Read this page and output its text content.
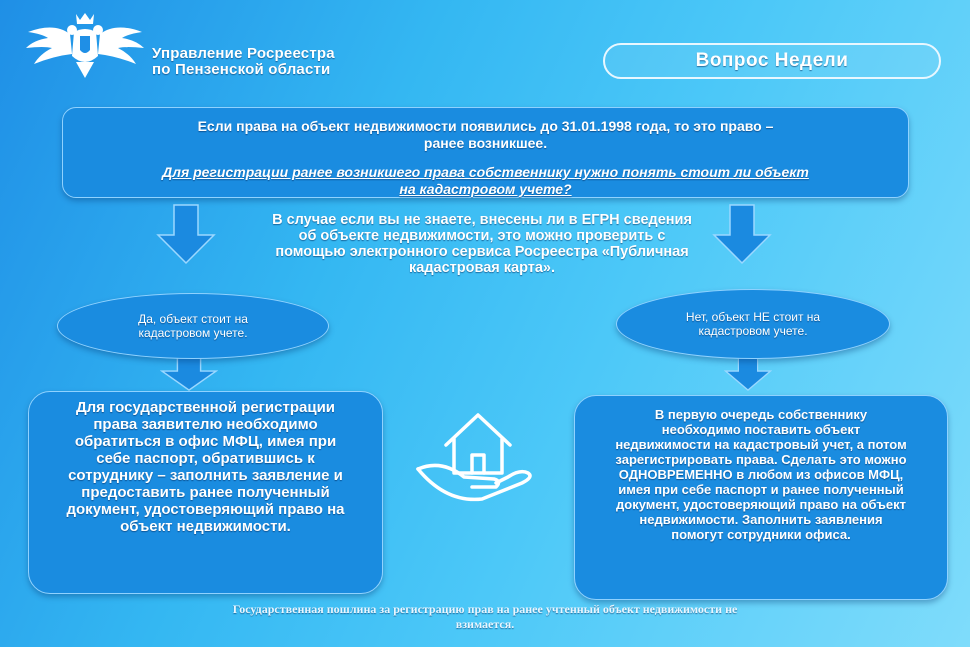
Управление Росреестра
по Пензенской области	Вопрос Недели
Если права на объект недвижимости появились до 31.01.1998 года, то это право – ранее возникшее.
Для регистрации ранее возникшего права собственнику нужно понять стоит ли объект на кадастровом учете?
В случае если вы не знаете, внесены ли в ЕГРН сведения об объекте недвижимости, это можно проверить с помощью электронного сервиса Росреестра «Публичная кадастровая карта».
Да, объект стоит на кадастровом учете.
Нет, объект НЕ стоит на кадастровом учете.
Для государственной регистрации права заявителю необходимо обратиться в офис МФЦ, имея при себе паспорт, обратившись к сотруднику – заполнить заявление и предоставить ранее полученный документ, удостоверяющий право на объект недвижимости.
В первую очередь собственнику необходимо поставить объект недвижимости на кадастровый учет, а потом зарегистрировать права. Сделать это можно ОДНОВРЕМЕННО в любом из офисов МФЦ, имея при себе паспорт и ранее полученный документ, удостоверяющий право на объект недвижимости. Заполнить заявления помогут сотрудники офиса.
Государственная пошлина за регистрацию прав на ранее учтенный объект недвижимости не взимается.
